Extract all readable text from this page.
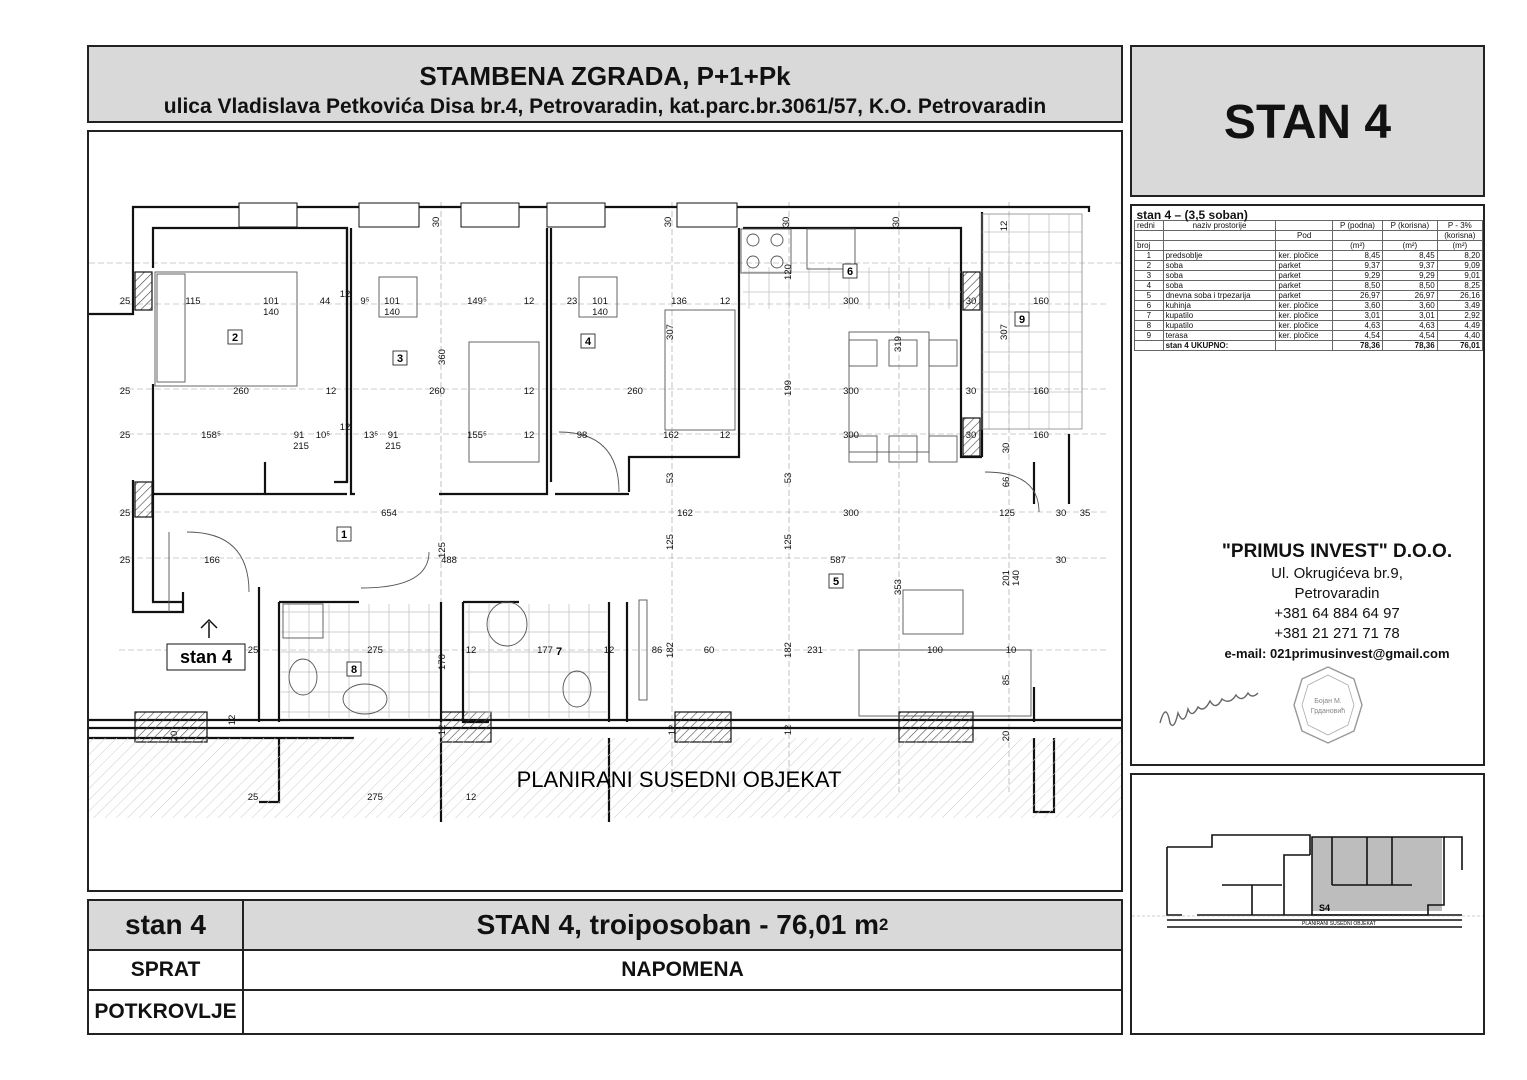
STAMBENA ZGRADA, P+1+Pk
ulica Vladislava Petkovića Disa br.4, Petrovaradin, kat.parc.br.3061/57, K.O. Petrovaradin	STAN 4
2
3
4
6
9
1
5
8
7
30	30	30	30	12
25	115	101
140
44
12
9⁵ 101
140
149⁵	12	23 101
140
136	12	300	30	160
307
307
120
360
319
25	260	12	260	12	260	199	300	30	160
25	158⁵	91 10⁵
12
13⁵ 91	155⁵	12	98	162	12	300	30	160
215	215	30
66
53	53
25	654	162	300	125	30 35
125
125	125
25	166	488	587	30
201 140
353
25	275	12	177	12	86	60	231	100	10
170
182	182
85
12
20
12	12	12
20
25	275	12
stan 4
PLANIRANI SUSEDNI OBJEKAT
stan 4 – (3,5 soban)					
redni	naziv prostorije		P (podna)	P (korisna)	P - 3%
		Pod			(korisna)
broj			(m²)	(m²)	(m²)
1	predsoblje	ker. pločice	8,45	8,45	8,20
2	soba	parket	9,37	9,37	9,09
3	soba	parket	9,29	9,29	9,01
4	soba	parket	8,50	8,50	8,25
5	dnevna soba i trpezarija	parket	26,97	26,97	26,16
6	kuhinja	ker. pločice	3,60	3,60	3,49
7	kupatilo	ker. pločice	3,01	3,01	2,92
8	kupatilo	ker. pločice	4,63	4,63	4,49
9	terasa	ker. pločice	4,54	4,54	4,40
	stan 4 UKUPNO:		78,36	78,36	76,01
"PRIMUS INVEST" D.O.O.
Ul. Okrugićeva br.9,
Petrovaradin
+381 64 884 64 97
+381 21 271 71 78
e-mail: 021primusinvest@gmail.com
Бојан М.
Грдановић
S4
PLANIRANI SUSEDNI OBJEKAT
stan 4	STAN 4, troiposoban - 76,01 m 2
SPRAT	NAPOMENA
POTKROVLJE
